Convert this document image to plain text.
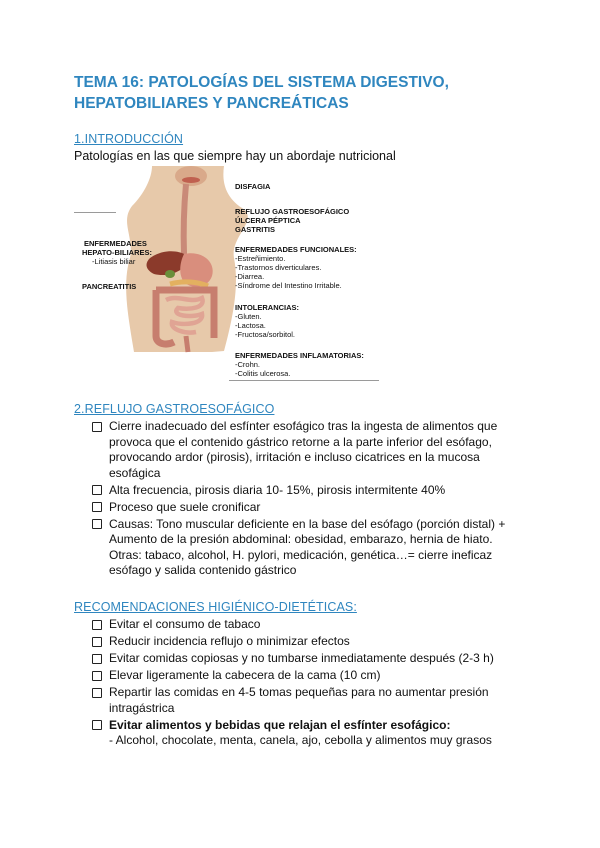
TEMA 16: PATOLOGÍAS DEL SISTEMA DIGESTIVO,
HEPATOBILIARES Y PANCREÁTICAS
1.INTRODUCCIÓN
Patologías en las que siempre hay un abordaje nutricional
ENFERMEDADES
HEPATO-BILIARES:
-Litiasis biliar
PANCREATITIS
DISFAGIA
REFLUJO GASTROESOFÁGICO
ÚLCERA PÉPTICA
GASTRITIS
ENFERMEDADES FUNCIONALES:
-Estreñimiento.
-Trastornos diverticulares.
-Diarrea.
-Síndrome del Intestino Irritable.
INTOLERANCIAS:
-Gluten.
-Lactosa.
-Fructosa/sorbitol.
ENFERMEDADES INFLAMATORIAS:
-Crohn.
-Colitis ulcerosa.
2.REFLUJO GASTROESOFÁGICO
Cierre inadecuado del esfínter esofágico tras la ingesta de alimentos que provoca que el contenido gástrico retorne a la parte inferior del esófago, provocando ardor (pirosis), irritación e incluso cicatrices en la mucosa esofágica
Alta frecuencia, pirosis diaria 10- 15%, pirosis intermitente 40%
Proceso que suele cronificar
Causas: Tono muscular deficiente en la base del esófago (porción distal) + Aumento de la presión abdominal: obesidad, embarazo, hernia de hiato. Otras: tabaco, alcohol, H. pylori, medicación, genética…= cierre ineficaz esófago y salida contenido gástrico
RECOMENDACIONES HIGIÉNICO-DIETÉTICAS:
Evitar el consumo de tabaco
Reducir incidencia reflujo o minimizar efectos
Evitar comidas copiosas y no tumbarse inmediatamente después (2-3 h)
Elevar ligeramente la cabecera de la cama (10 cm)
Repartir las comidas en 4-5 tomas pequeñas para no aumentar presión intragástrica
Evitar alimentos y bebidas que relajan el esfínter esofágico:
- Alcohol, chocolate, menta, canela, ajo, cebolla y alimentos muy grasos
